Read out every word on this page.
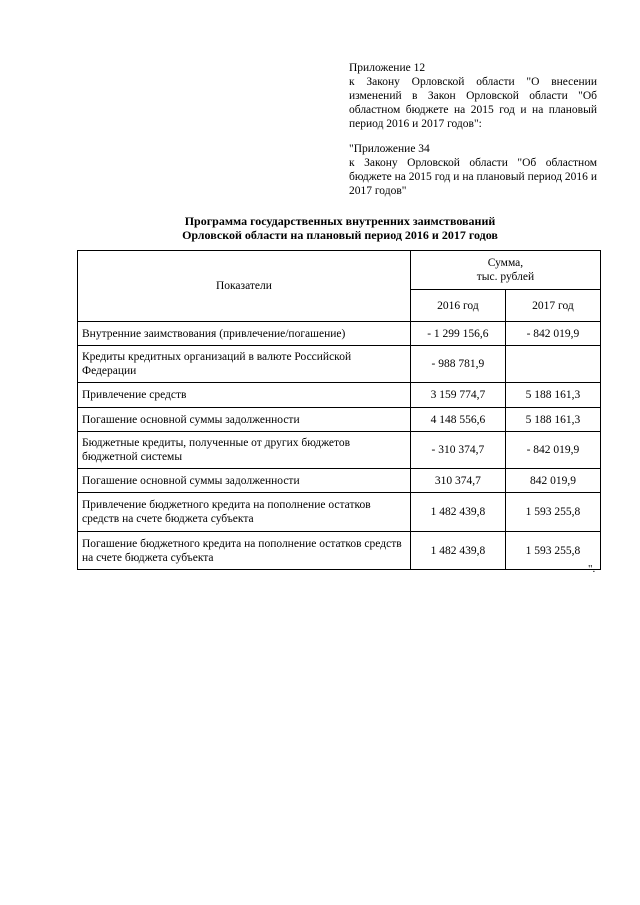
Приложение 12
к Закону Орловской области "О внесении изменений в Закон Орловской области "Об областном бюджете на 2015 год и на плановый период 2016 и 2017 годов":
"Приложение 34
к Закону Орловской области "Об областном бюджете на 2015 год и на плановый период 2016 и 2017 годов"
Программа государственных внутренних заимствований
Орловской области на плановый период 2016 и 2017 годов
Показатели	Сумма,
тыс. рублей	

	2016 год	2017 год
Внутренние заимствования (привлечение/погашение)	- 1 299 156,6	- 842 019,9
Кредиты кредитных организаций в валюте Российской Федерации	- 988 781,9	
Привлечение средств	3 159 774,7	5 188 161,3
Погашение основной суммы задолженности	4 148 556,6	5 188 161,3
Бюджетные кредиты, полученные от других бюджетов бюджетной системы	- 310 374,7	- 842 019,9
Погашение основной суммы задолженности	310 374,7	842 019,9
Привлечение бюджетного кредита на пополнение остатков средств на счете бюджета субъекта	1 482 439,8	1 593 255,8
Погашение бюджетного кредита на пополнение остатков средств на счете бюджета субъекта	1 482 439,8	1 593 255,8
".
